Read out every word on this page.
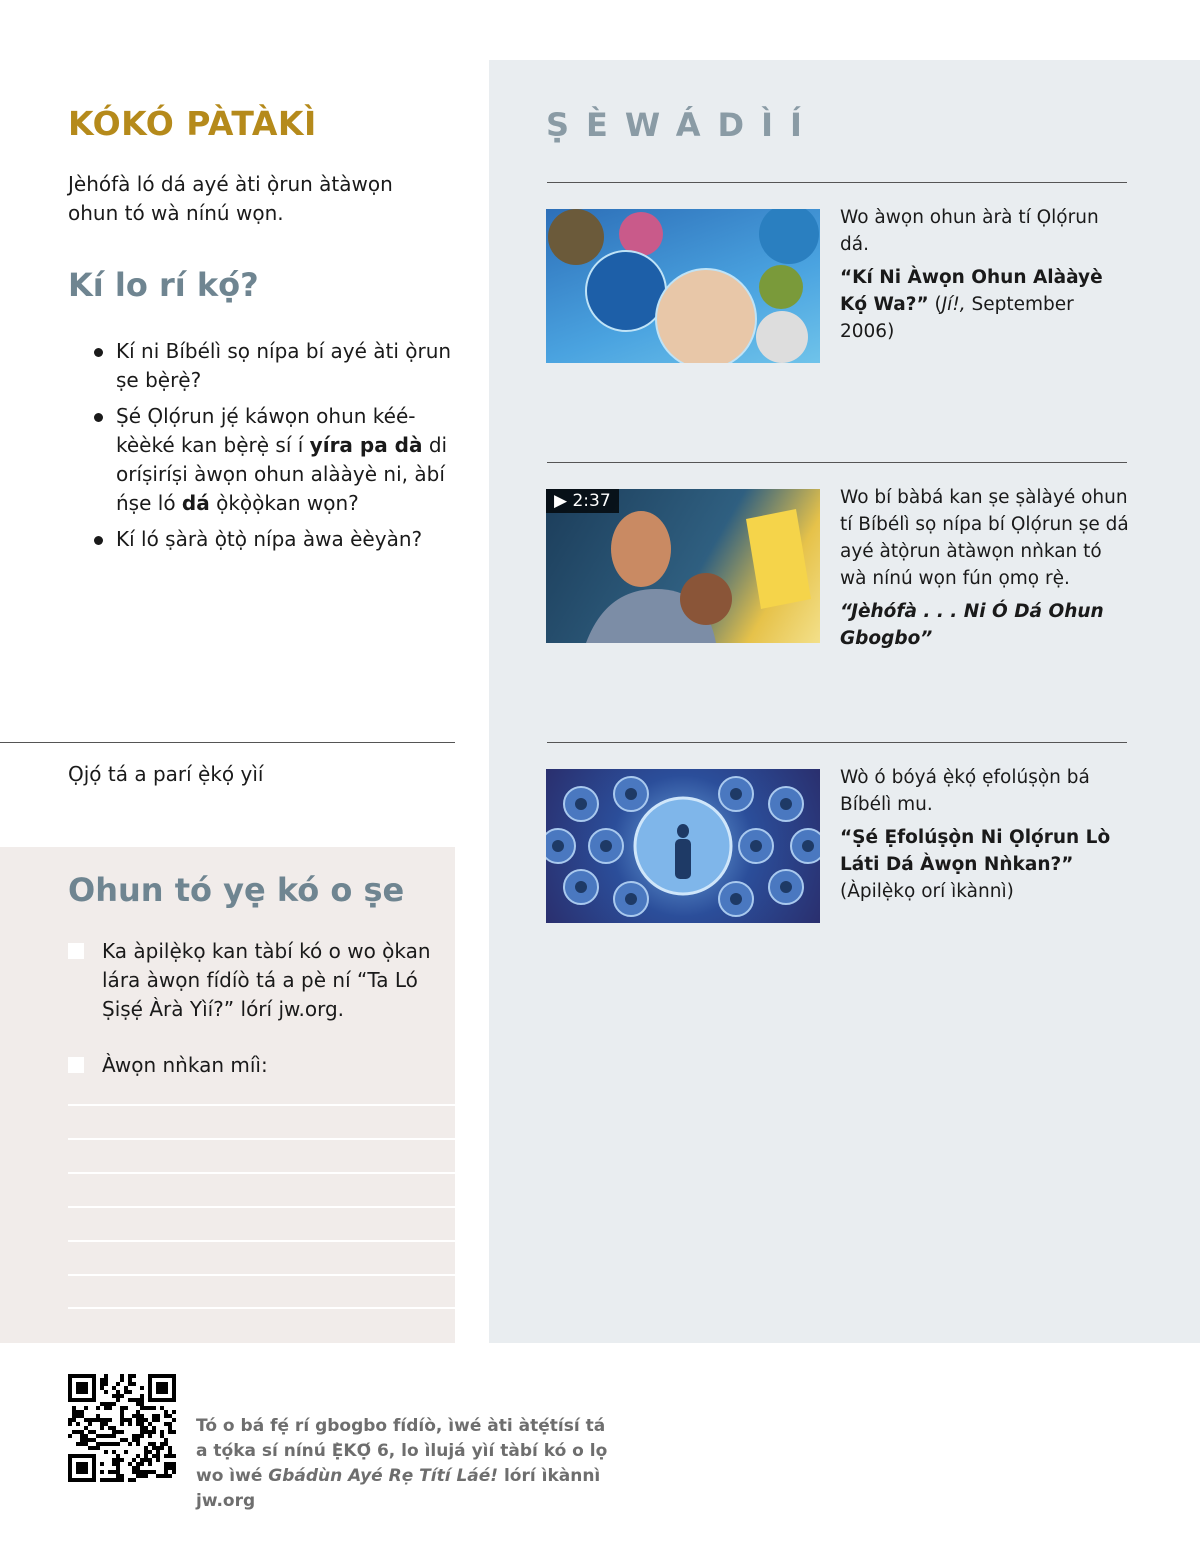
KÓKÓ PÀTÀKÌ
Jèhófà ló dá ayé àti ọ̀run àtàwọn ohun tó wà nínú wọn.
Kí lo rí kọ́?
Kí ni Bíbélì sọ nípa bí ayé àti ọ̀run ṣe bẹ̀rẹ̀?
Ṣé Ọlọ́run jẹ́ káwọn ohun kéé-kèèké kan bẹ̀rẹ̀ sí í yíra pa dà di oríṣiríṣi àwọn ohun alààyè ni, àbí ńṣe ló dá ọ̀kọ̀ọ̀kan wọn?
Kí ló ṣàrà ọ̀tọ̀ nípa àwa èèyàn?
Ọjọ́ tá a parí ẹ̀kọ́ yìí
Ohun tó yẹ kó o ṣe
Ka àpilẹ̀kọ kan tàbí kó o wo ọ̀kan lára àwọn fídíò tá a pè ní “Ta Ló Ṣiṣẹ́ Àrà Yìí?” lórí jw.org.
Àwọn nǹkan míì:
ṢÈWÁDÌÍ
Wo àwọn ohun àrà tí Ọlọ́run dá.
“Kí Ni Àwọn Ohun Alààyè Kọ́ Wa?” (Jí!, September 2006)
▶ 2:37	Wo bí bàbá kan ṣe ṣàlàyé ohun tí Bíbélì sọ nípa bí Ọlọ́run ṣe dá ayé àtọ̀run àtàwọn nǹkan tó wà nínú wọn fún ọmọ rẹ̀.
“Jèhófà . . . Ni Ó Dá Ohun Gbogbo”
Wò ó bóyá ẹ̀kọ́ ẹfolúṣọ̀n bá Bíbélì mu.
“Ṣé Ẹfolúṣọ̀n Ni Ọlọ́run Lò Láti Dá Àwọn Nǹkan?”
(Àpilẹ̀kọ orí ìkànnì)
Tó o bá fẹ́ rí gbogbo fídíò, ìwé àti àtẹ́tísí tá a tọ́ka sí nínú Ẹ̀KỌ́ 6, lo ìlujá yìí tàbí kó o lọ wo ìwé Gbádùn Ayé Rẹ Títí Láé! lórí ìkànnì jw.org
